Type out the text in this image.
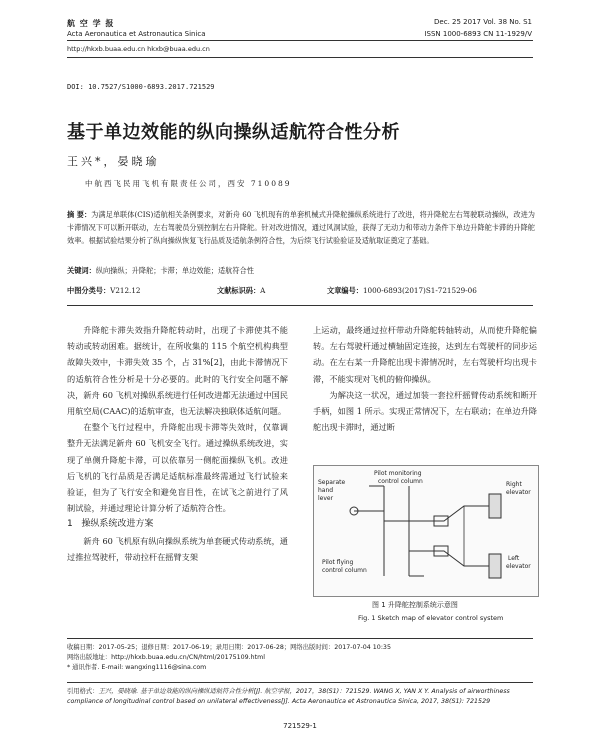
航 空 学 报
Acta Aeronautica et Astronautica Sinica
Dec. 25 2017 Vol. 38 No. S1
ISSN 1000-6893 CN 11-1929/V
http://hkxb.buaa.edu.cn hkxb@buaa.edu.cn
DOI: 10.7527/S1000-6893.2017.721529
基于单边效能的纵向操纵适航符合性分析
王兴*，晏晓瑜
中航西飞民用飞机有限责任公司，西安 710089
摘 要：为满足单联体(CIS)适航相关条例要求，对新舟 60 飞机现有的单套机械式升降舵操纵系统进行了改进，将升降舵左右驾驶联动操纵，改进为卡滞情况下可以断开联动，左右驾驶员分别控制左右升降舵。针对改进情况，通过风洞试验，获得了无动力和带动力条件下单边升降舵卡滞的升降舵效率。根据试验结果分析了纵向操纵恢复飞行品质及适航条例符合性，为后续飞行试验验证及适航取证奠定了基础。
关键词：纵向操纵；升降舵；卡滞；单边效能；适航符合性
中图分类号：V212.12	文献标识码：A	文章编号：1000-6893(2017)S1-721529-06

升降舵卡滞失效指升降舵转动时，出现了卡滞使其不能转动或转动困难。据统计，在所收集的 115 个航空机构典型故障失效中，卡滞失效 35 个，占 31%[2]，由此卡滞情况下的适航符合性分析是十分必要的。此时的飞行安全问题不解决，新舟 60 飞机对操纵系统进行任何改进都无法通过中国民用航空局(CAAC)的适航审查，也无法解决独联体适航问题。

在整个飞行过程中，升降舵出现卡滞等失效时，仅靠调整升无法满足新舟 60 飞机安全飞行。通过操纵系统改进，实现了单侧升降舵卡滞，可以依靠另一侧舵面操纵飞机。改进后飞机的飞行品质是否满足适航标准最终需通过飞行试验来验证，但为了飞行安全和避免盲目性，在试飞之前进行了风制试验，并通过理论计算分析了适航符合性。

1 操纵系统改进方案

新舟 60 飞机原有纵向操纵系统为单套硬式传动系统，通过推拉驾驶杆，带动拉杆在摇臂支架

上运动，最终通过拉杆带动升降舵转轴转动，从而使升降舵偏转。左右驾驶杆通过横轴固定连接，达到左右驾驶杆的同步运动。在左右某一升降舵出现卡滞情况时，左右驾驶杆均出现卡滞，不能实现对飞机的俯仰操纵。

为解决这一状况，通过加装一套拉杆摇臂传动系统和断开手柄，如图 1 所示。实现正常情况下，左右联动；在单边升降舵出现卡滞时，通过断

Separate
hand
lever
Pilot monitoring
control column	Right
elevator
Pilot flying
control column
Left
elevator
图 1 升降舵控制系统示意图
Fig. 1 Sketch map of elevator control system
收稿日期：2017-05-25；退修日期：2017-06-19；录用日期：2017-06-28；网络出版时间：2017-07-04 10:35
网络出版地址：http://hkxb.buaa.edu.cn/CN/html/20175109.html
* 通讯作者. E-mail: wangxing1116@sina.com
引用格式：王兴，晏晓瑜. 基于单边效能的纵向操纵适航符合性分析[J]. 航空学报，2017，38(S1)：721529. WANG X, YAN X Y. Analysis of airworthiness compliance of longitudinal control based on unilateral effectiveness[J]. Acta Aeronautica et Astronautica Sinica, 2017, 38(S1): 721529
721529-1
